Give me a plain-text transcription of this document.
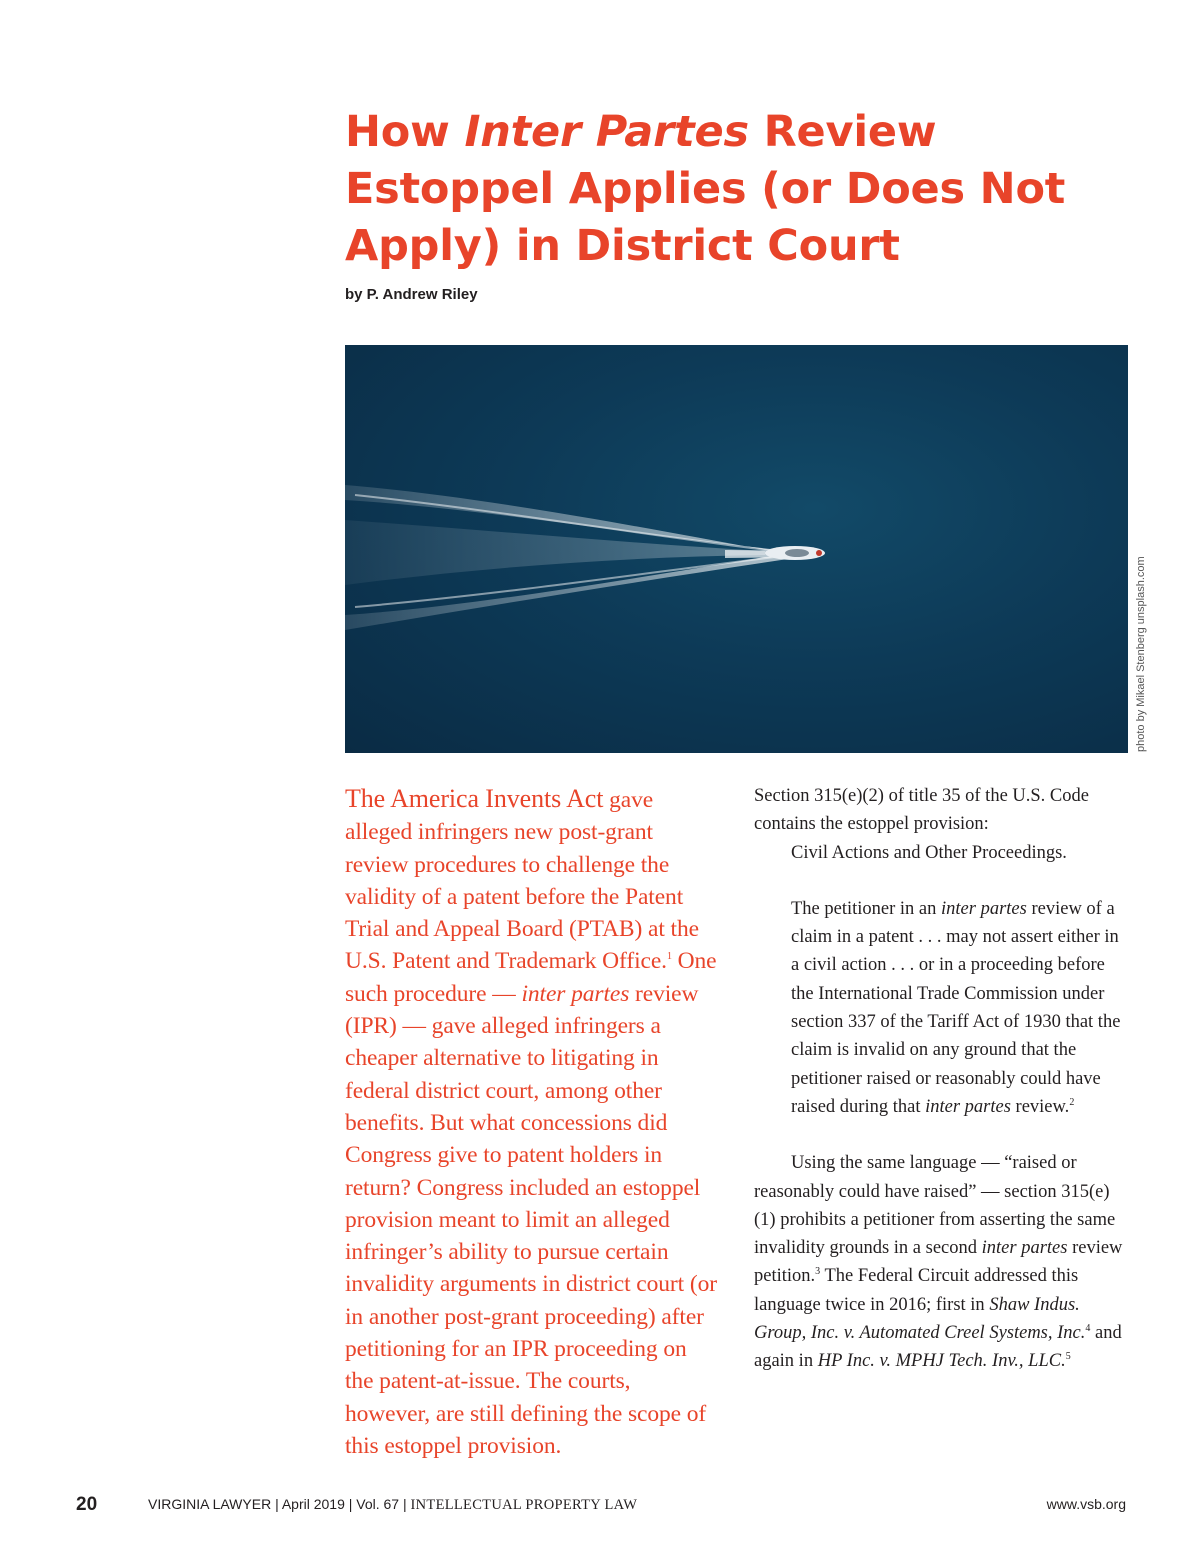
How Inter Partes Review Estoppel Applies (or Does Not Apply) in District Court
by P. Andrew Riley
photo by Mikael Stenberg unsplash.com
The America Invents Act gave alleged infringers new post-grant review procedures to challenge the validity of a patent before the Patent Trial and Appeal Board (PTAB) at the U.S. Patent and Trademark Office.$^1$ One such procedure — inter partes review (IPR) — gave alleged infringers a cheaper alternative to litigating in federal district court, among other benefits. But what concessions did Congress give to patent holders in return? Congress included an estoppel provision meant to limit an alleged infringer’s ability to pursue certain invalidity arguments in district court (or in another post-grant proceeding) after petitioning for an IPR proceeding on the patent-at-issue. The courts, however, are still defining the scope of this estoppel provision.

Section 315(e)(2) of title 35 of the U.S. Code contains the estoppel provision:

Civil Actions and Other Proceedings.

The petitioner in an inter partes review of a claim in a patent . . . may not assert either in a civil action . . . or in a proceeding before the International Trade Commission under section 337 of the Tariff Act of 1930 that the claim is invalid on any ground that the petitioner raised or reasonably could have raised during that inter partes review.$^2$

Using the same language — “raised or reasonably could have raised” — section 315(e)(1) prohibits a petitioner from asserting the same invalidity grounds in a second inter partes review petition.$^3$ The Federal Circuit addressed this language twice in 2016; first in Shaw Indus. Group, Inc. v. Automated Creel Systems, Inc.$^4$ and again in HP Inc. v. MPHJ Tech. Inv., LLC.$^5$

20	VIRGINIA LAWYER | April 2019 | Vol. 67 | INTELLECTUAL PROPERTY LAW	www.vsb.org
